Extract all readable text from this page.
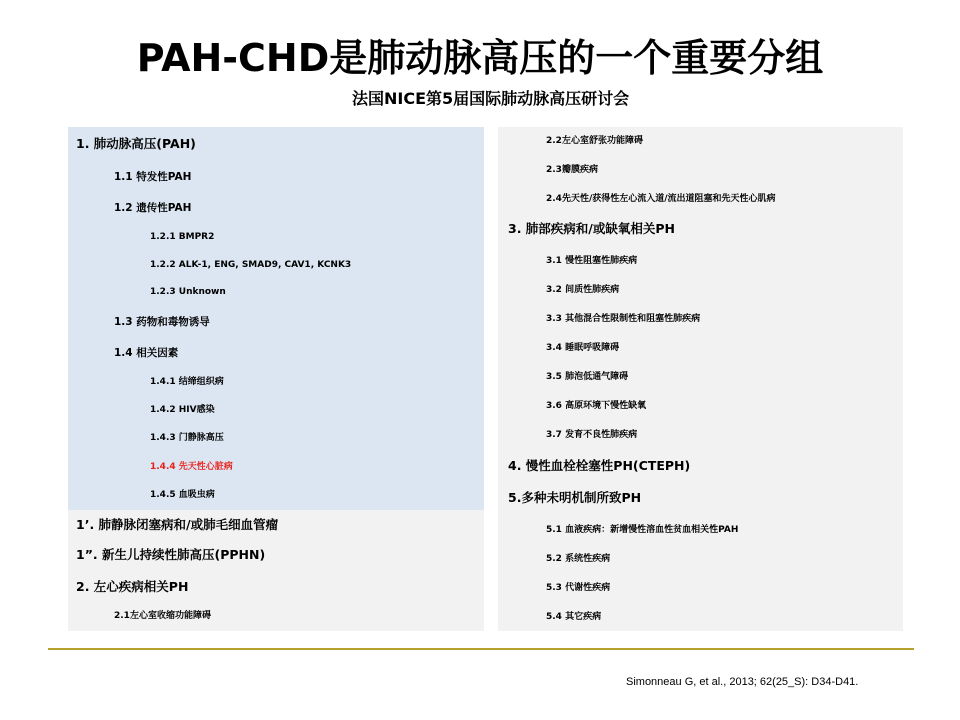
PAH-CHD是肺动脉高压的一个重要分组
法国NICE第5届国际肺动脉高压研讨会
1. 肺动脉高压(PAH)
1.1 特发性PAH
1.2 遗传性PAH
1.2.1 BMPR2
1.2.2 ALK-1, ENG, SMAD9, CAV1, KCNK3
1.2.3 Unknown
1.3 药物和毒物诱导
1.4 相关因素
1.4.1 结缔组织病
1.4.2 HIV感染
1.4.3 门静脉高压
1.4.4 先天性心脏病
1.4.5 血吸虫病
1’. 肺静脉闭塞病和/或肺毛细血管瘤
1”. 新生儿持续性肺高压(PPHN)
2. 左心疾病相关PH
2.1左心室收缩功能障碍
2.2左心室舒张功能障碍
2.3瓣膜疾病
2.4先天性/获得性左心流入道/流出道阻塞和先天性心肌病
3. 肺部疾病和/或缺氧相关PH
3.1 慢性阻塞性肺疾病
3.2 间质性肺疾病
3.3 其他混合性限制性和阻塞性肺疾病
3.4 睡眠呼吸障碍
3.5 肺泡低通气障碍
3.6 高原环境下慢性缺氧
3.7 发育不良性肺疾病
4. 慢性血栓栓塞性PH(CTEPH)
5.多种未明机制所致PH
5.1 血液疾病：新增慢性溶血性贫血相关性PAH
5.2 系统性疾病
5.3 代谢性疾病
5.4 其它疾病
Simonneau G, et al., 2013; 62(25_S): D34-D41.
